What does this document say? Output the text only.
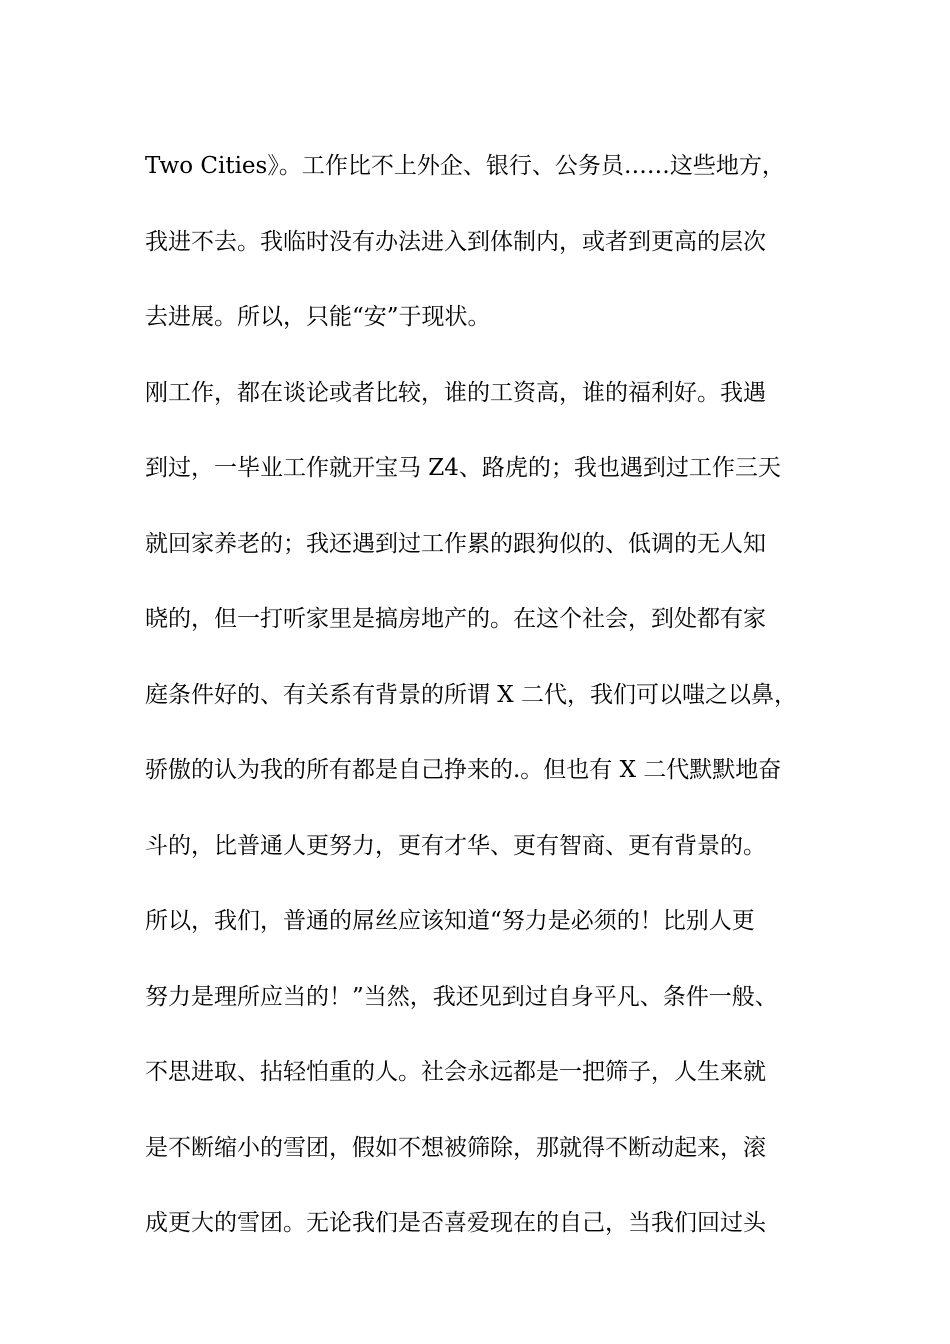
Two Cities》。工作比不上外企、银行、公务员……这些地方，
我进不去。我临时没有办法进入到体制内，或者到更高的层次
去进展。所以，只能“安”于现状。
刚工作，都在谈论或者比较，谁的工资高，谁的福利好。我遇
到过，一毕业工作就开宝马 Z4、路虎的；我也遇到过工作三天
就回家养老的；我还遇到过工作累的跟狗似的、低调的无人知
晓的，但一打听家里是搞房地产的。在这个社会，到处都有家
庭条件好的、有关系有背景的所谓 X 二代，我们可以嗤之以鼻，
骄傲的认为我的所有都是自己挣来的.。但也有 X 二代默默地奋
斗的，比普通人更努力，更有才华、更有智商、更有背景的。
所以，我们，普通的屌丝应该知道“努力是必须的！比别人更
努力是理所应当的！”当然，我还见到过自身平凡、条件一般、
不思进取、拈轻怕重的人。社会永远都是一把筛子，人生来就
是不断缩小的雪团，假如不想被筛除，那就得不断动起来，滚
成更大的雪团。无论我们是否喜爱现在的自己，当我们回过头
